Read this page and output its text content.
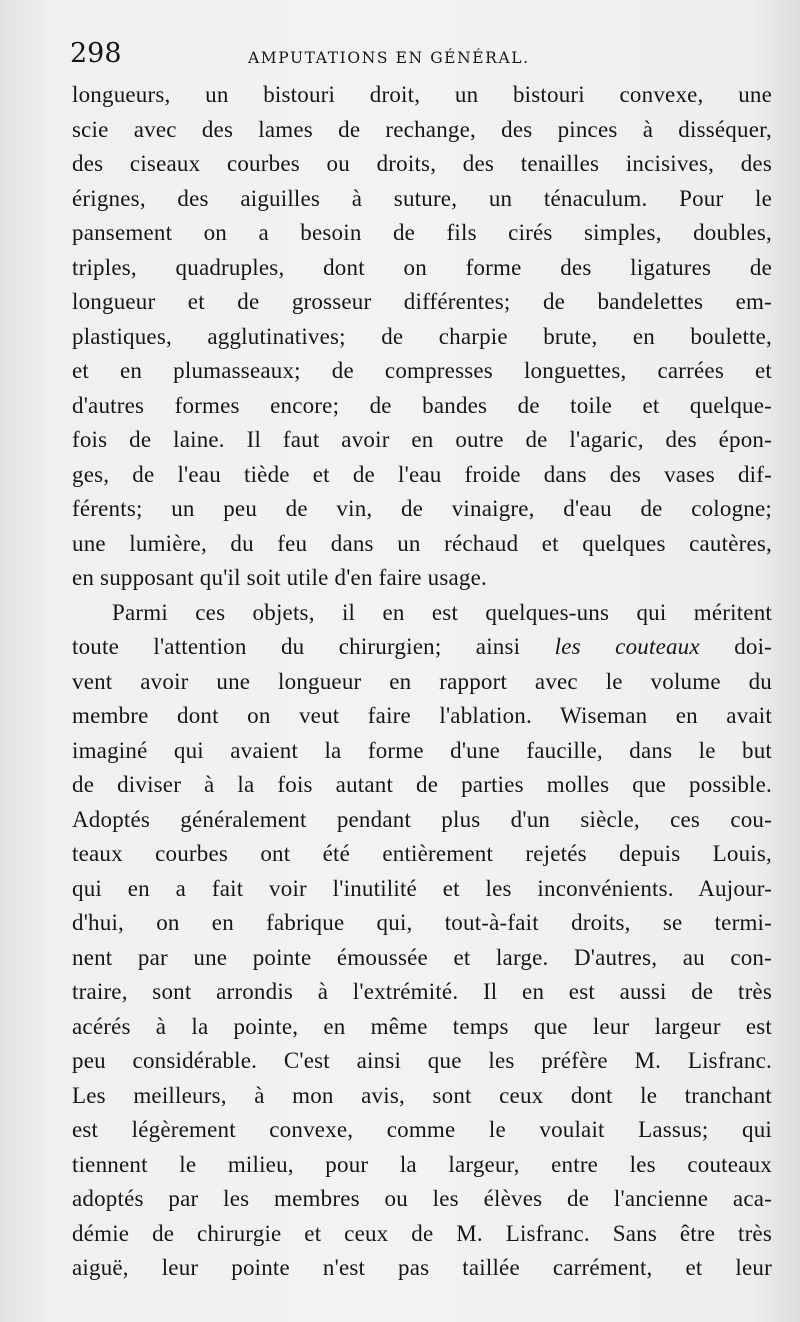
298	AMPUTATIONS EN GÉNÉRAL.
longueurs, un bistouri droit, un bistouri convexe, une
scie avec des lames de rechange, des pinces à disséquer,
des ciseaux courbes ou droits, des tenailles incisives, des
érignes, des aiguilles à suture, un ténaculum. Pour le
pansement on a besoin de fils cirés simples, doubles,
triples, quadruples, dont on forme des ligatures de
longueur et de grosseur différentes; de bandelettes em-
plastiques, agglutinatives; de charpie brute, en boulette,
et en plumasseaux; de compresses longuettes, carrées et
d'autres formes encore; de bandes de toile et quelque-
fois de laine. Il faut avoir en outre de l'agaric, des épon-
ges, de l'eau tiède et de l'eau froide dans des vases dif-
férents; un peu de vin, de vinaigre, d'eau de cologne;
une lumière, du feu dans un réchaud et quelques cautères,
en supposant qu'il soit utile d'en faire usage.
Parmi ces objets, il en est quelques-uns qui méritent
toute l'attention du chirurgien; ainsi les couteaux doi-
vent avoir une longueur en rapport avec le volume du
membre dont on veut faire l'ablation. Wiseman en avait
imaginé qui avaient la forme d'une faucille, dans le but
de diviser à la fois autant de parties molles que possible.
Adoptés généralement pendant plus d'un siècle, ces cou-
teaux courbes ont été entièrement rejetés depuis Louis,
qui en a fait voir l'inutilité et les inconvénients. Aujour-
d'hui, on en fabrique qui, tout-à-fait droits, se termi-
nent par une pointe émoussée et large. D'autres, au con-
traire, sont arrondis à l'extrémité. Il en est aussi de très
acérés à la pointe, en même temps que leur largeur est
peu considérable. C'est ainsi que les préfère M. Lisfranc.
Les meilleurs, à mon avis, sont ceux dont le tranchant
est légèrement convexe, comme le voulait Lassus; qui
tiennent le milieu, pour la largeur, entre les couteaux
adoptés par les membres ou les élèves de l'ancienne aca-
démie de chirurgie et ceux de M. Lisfranc. Sans être très
aiguë, leur pointe n'est pas taillée carrément, et leur
